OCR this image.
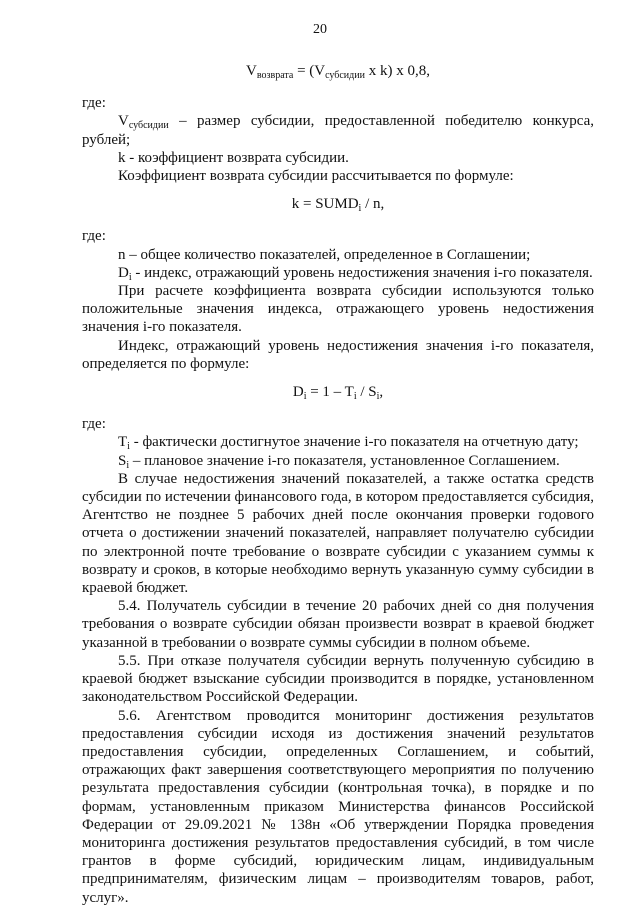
20

$V_{возврата} = (V_{субсидии}$ x k) x 0,8,

где:

$V_{субсидии}$ – размер субсидии, предоставленной победителю конкурса, рублей;

k - коэффициент возврата субсидии.

Коэффициент возврата субсидии рассчитывается по формуле:

$k = SUMD_i / n$,

где:

n – общее количество показателей, определенное в Соглашении;

$D_i$ - индекс, отражающий уровень недостижения значения i-го показателя.

При расчете коэффициента возврата субсидии используются только положительные значения индекса, отражающего уровень недостижения значения i-го показателя.

Индекс, отражающий уровень недостижения значения i-го показателя, определяется по формуле:

$D_i = 1 - T_i / S_i$,

где:

$T_i$ - фактически достигнутое значение i-го показателя на отчетную дату;

$S_i$ – плановое значение i-го показателя, установленное Соглашением.

В случае недостижения значений показателей, а также остатка средств субсидии по истечении финансового года, в котором предоставляется субсидия, Агентство не позднее 5 рабочих дней после окончания проверки годового отчета о достижении значений показателей, направляет получателю субсидии по электронной почте требование о возврате субсидии с указанием суммы к возврату и сроков, в которые необходимо вернуть указанную сумму субсидии в краевой бюджет.

5.4. Получатель субсидии в течение 20 рабочих дней со дня получения требования о возврате субсидии обязан произвести возврат в краевой бюджет указанной в требовании о возврате суммы субсидии в полном объеме.

5.5. При отказе получателя субсидии вернуть полученную субсидию в краевой бюджет взыскание субсидии производится в порядке, установленном законодательством Российской Федерации.

5.6. Агентством проводится мониторинг достижения результатов предоставления субсидии исходя из достижения значений результатов предоставления субсидии, определенных Соглашением, и событий, отражающих факт завершения соответствующего мероприятия по получению результата предоставления субсидии (контрольная точка), в порядке и по формам, установленным приказом Министерства финансов Российской Федерации от 29.09.2021 № 138н «Об утверждении Порядка проведения мониторинга достижения результатов предоставления субсидий, в том числе грантов в форме субсидий, юридическим лицам, индивидуальным предпринимателям, физическим лицам – производителям товаров, работ, услуг».
